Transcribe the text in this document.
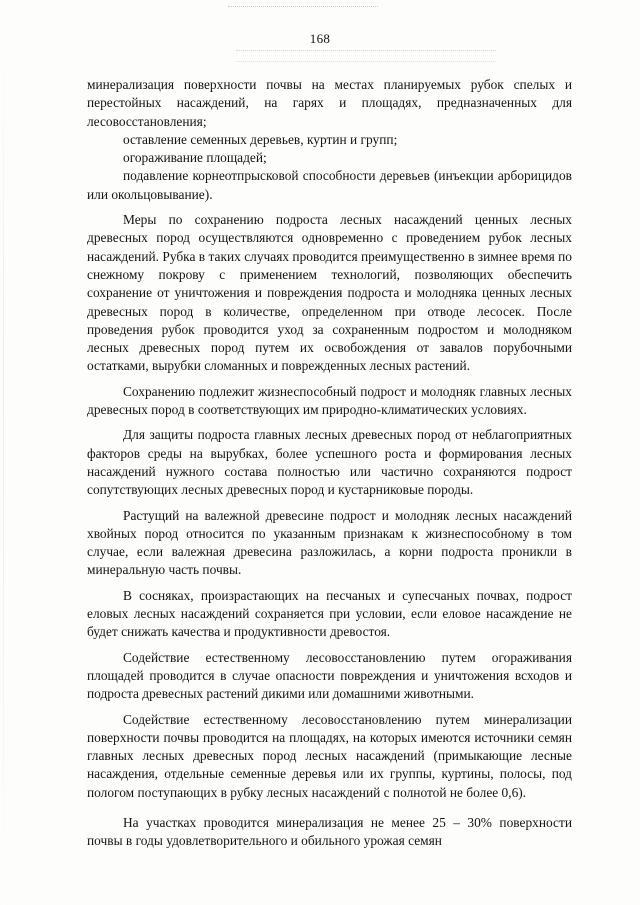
168

минерализация поверхности почвы на местах планируемых рубок спелых и перестойных насаждений, на гарях и площадях, предназначенных для лесовосстановления;

оставление семенных деревьев, куртин и групп;

огораживание площадей;

подавление корнеотпрысковой способности деревьев (инъекции арборицидов или окольцовывание).

Меры по сохранению подроста лесных насаждений ценных лесных древесных пород осуществляются одновременно с проведением рубок лесных насаждений. Рубка в таких случаях проводится преимущественно в зимнее время по снежному покрову с применением технологий, позволяющих обеспечить сохранение от уничтожения и повреждения подроста и молодняка ценных лесных древесных пород в количестве, определенном при отводе лесосек. После проведения рубок проводится уход за сохраненным подростом и молодняком лесных древесных пород путем их освобождения от завалов порубочными остатками, вырубки сломанных и поврежденных лесных растений.

Сохранению подлежит жизнеспособный подрост и молодняк главных лесных древесных пород в соответствующих им природно-климатических условиях.

Для защиты подроста главных лесных древесных пород от неблагоприятных факторов среды на вырубках, более успешного роста и формирования лесных насаждений нужного состава полностью или частично сохраняются подрост сопутствующих лесных древесных пород и кустарниковые породы.

Растущий на валежной древесине подрост и молодняк лесных насаждений хвойных пород относится по указанным признакам к жизнеспособному в том случае, если валежная древесина разложилась, а корни подроста проникли в минеральную часть почвы.

В сосняках, произрастающих на песчаных и супесчаных почвах, подрост еловых лесных насаждений сохраняется при условии, если еловое насаждение не будет снижать качества и продуктивности древостоя.

Содействие естественному лесовосстановлению путем огораживания площадей проводится в случае опасности повреждения и уничтожения всходов и подроста древесных растений дикими или домашними животными.

Содействие естественному лесовосстановлению путем минерализации поверхности почвы проводится на площадях, на которых имеются источники семян главных лесных древесных пород лесных насаждений (примыкающие лесные насаждения, отдельные семенные деревья или их группы, куртины, полосы, под пологом поступающих в рубку лесных насаждений с полнотой не более 0,6).

На участках проводится минерализация не менее 25 – 30% поверхности почвы в годы удовлетворительного и обильного урожая семян
